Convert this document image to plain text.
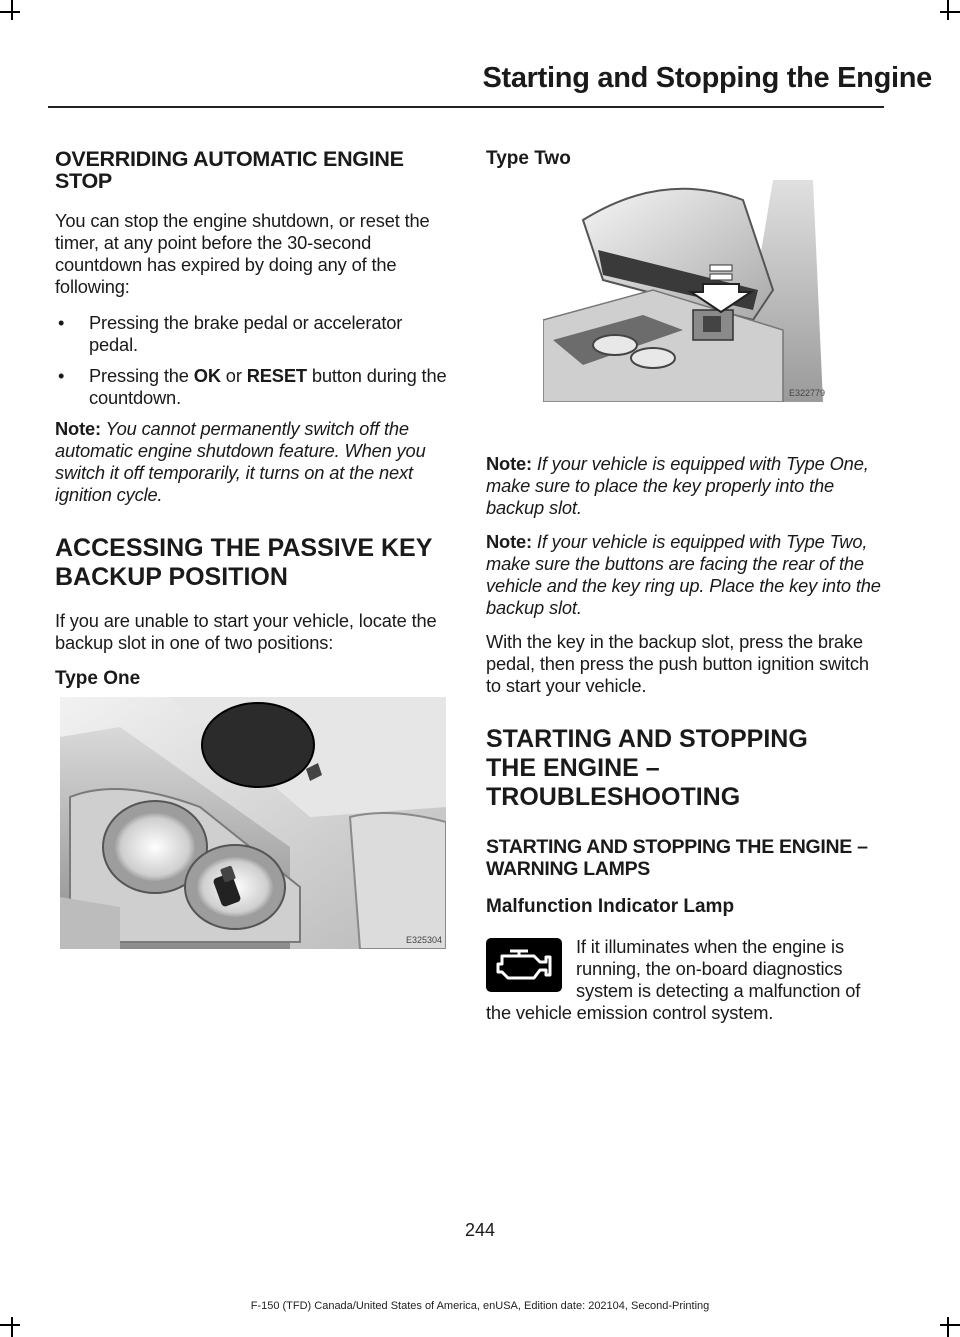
Starting and Stopping the Engine
OVERRIDING AUTOMATIC ENGINE STOP

You can stop the engine shutdown, or reset the timer, at any point before the 30-second countdown has expired by doing any of the following:

• Pressing the brake pedal or accelerator pedal.
• Pressing the OK or RESET button during the countdown.

Note: You cannot permanently switch off the automatic engine shutdown feature. When you switch it off temporarily, it turns on at the next ignition cycle.

ACCESSING THE PASSIVE KEY
BACKUP POSITION

If you are unable to start your vehicle, locate the backup slot in one of two positions:

Type One
E325304
Type Two
E322779

Note: If your vehicle is equipped with Type One, make sure to place the key properly into the backup slot.

Note: If your vehicle is equipped with Type Two, make sure the buttons are facing the rear of the vehicle and the key ring up. Place the key into the backup slot.

With the key in the backup slot, press the brake pedal, then press the push button ignition switch to start your vehicle.

STARTING AND STOPPING
THE ENGINE –
TROUBLESHOOTING
STARTING AND STOPPING THE ENGINE – WARNING LAMPS
Malfunction Indicator Lamp

If it illuminates when the engine is running, the on-board diagnostics system is detecting a malfunction of the vehicle emission control system.

244
F-150 (TFD) Canada/United States of America, enUSA, Edition date: 202104, Second-Printing
